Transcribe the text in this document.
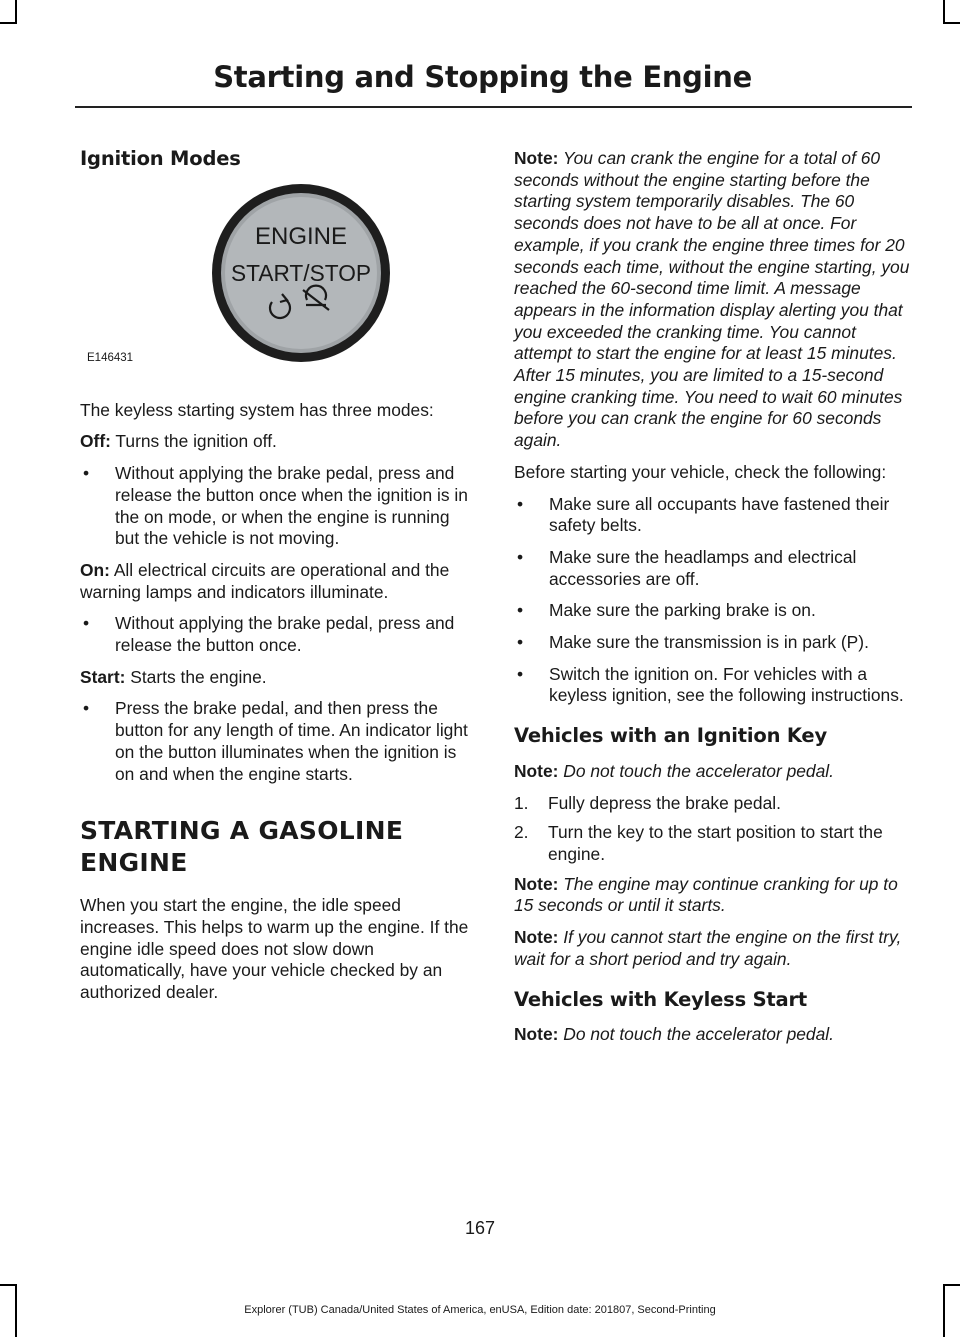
Starting and Stopping the Engine
Ignition Modes
ENGINE
START/STOP
E146431

The keyless starting system has three modes:

Off: Turns the ignition off.

• Without applying the brake pedal, press and release the button once when the ignition is in the on mode, or when the engine is running but the vehicle is not moving.

On: All electrical circuits are operational and the warning lamps and indicators illuminate.

• Without applying the brake pedal, press and release the button once.

Start: Starts the engine.

• Press the brake pedal, and then press the button for any length of time. An indicator light on the button illuminates when the ignition is on and when the engine starts.
STARTING A GASOLINE
ENGINE

When you start the engine, the idle speed increases. This helps to warm up the engine. If the engine idle speed does not slow down automatically, have your vehicle checked by an authorized dealer.

Note: You can crank the engine for a total of 60 seconds without the engine starting before the starting system temporarily disables. The 60 seconds does not have to be all at once. For example, if you crank the engine three times for 20 seconds each time, without the engine starting, you reached the 60-second time limit. A message appears in the information display alerting you that you exceeded the cranking time. You cannot attempt to start the engine for at least 15 minutes. After 15 minutes, you are limited to a 15-second engine cranking time. You need to wait 60 minutes before you can crank the engine for 60 seconds again.

Before starting your vehicle, check the following:

• Make sure all occupants have fastened their safety belts.
• Make sure the headlamps and electrical accessories are off.
• Make sure the parking brake is on.
• Make sure the transmission is in park (P).
• Switch the ignition on. For vehicles with a keyless ignition, see the following instructions.
Vehicles with an Ignition Key

Note: Do not touch the accelerator pedal.

1. Fully depress the brake pedal.
2. Turn the key to the start position to start the engine.

Note: The engine may continue cranking for up to 15 seconds or until it starts.

Note: If you cannot start the engine on the first try, wait for a short period and try again.

Vehicles with Keyless Start

Note: Do not touch the accelerator pedal.

167
Explorer (TUB) Canada/United States of America, enUSA, Edition date: 201807, Second-Printing
